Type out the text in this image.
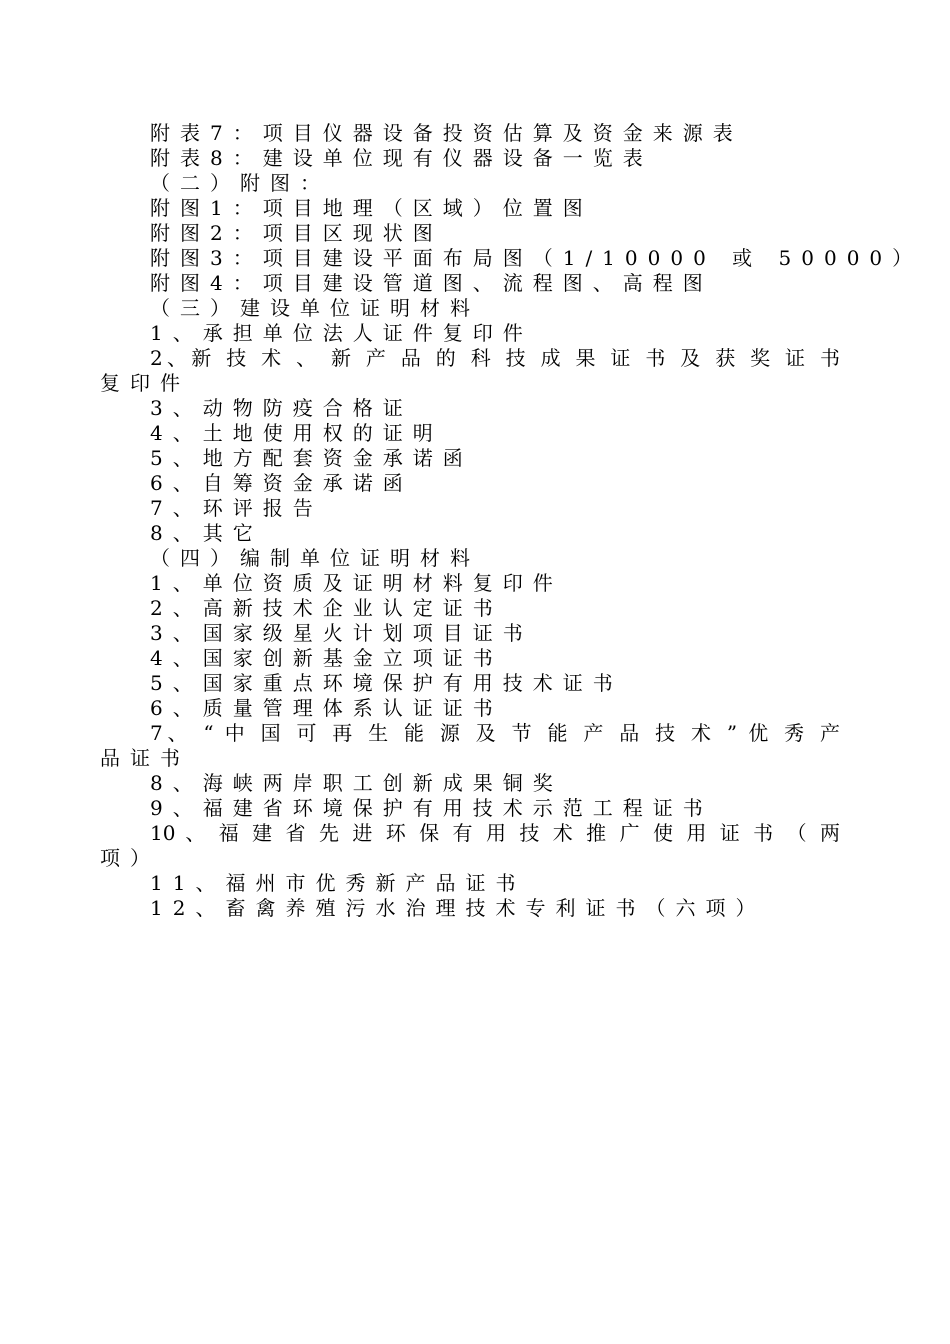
附表7：项目仪器设备投资估算及资金来源表
附表8：建设单位现有仪器设备一览表
（二）附图：
附图1：项目地理（区域）位置图
附图2：项目区现状图
附图3：项目建设平面布局图（1/10000 或 50000）
附图4：项目建设管道图、流程图、高程图
（三）建设单位证明材料
1、承担单位法人证件复印件
2、新 技 术 、 新 产 品 的 科 技 成 果 证 书 及 获 奖 证 书
复印件
3、动物防疫合格证
4、土地使用权的证明
5、地方配套资金承诺函
6、自筹资金承诺函
7、环评报告
8、其它
（四）编制单位证明材料
1、单位资质及证明材料复印件
2、高新技术企业认定证书
3、国家级星火计划项目证书
4、国家创新基金立项证书
5、国家重点环境保护有用技术证书
6、质量管理体系认证证书
7、 “ 中 国 可 再 生 能 源 及 节 能 产 品 技 术 ” 优 秀 产
品证书
8、海峡两岸职工创新成果铜奖
9、福建省环境保护有用技术示范工程证书
10 、 福 建 省 先 进 环 保 有 用 技 术 推 广 使 用 证 书 （ 两
项）
11、福州市优秀新产品证书
12、畜禽养殖污水治理技术专利证书（六项）
